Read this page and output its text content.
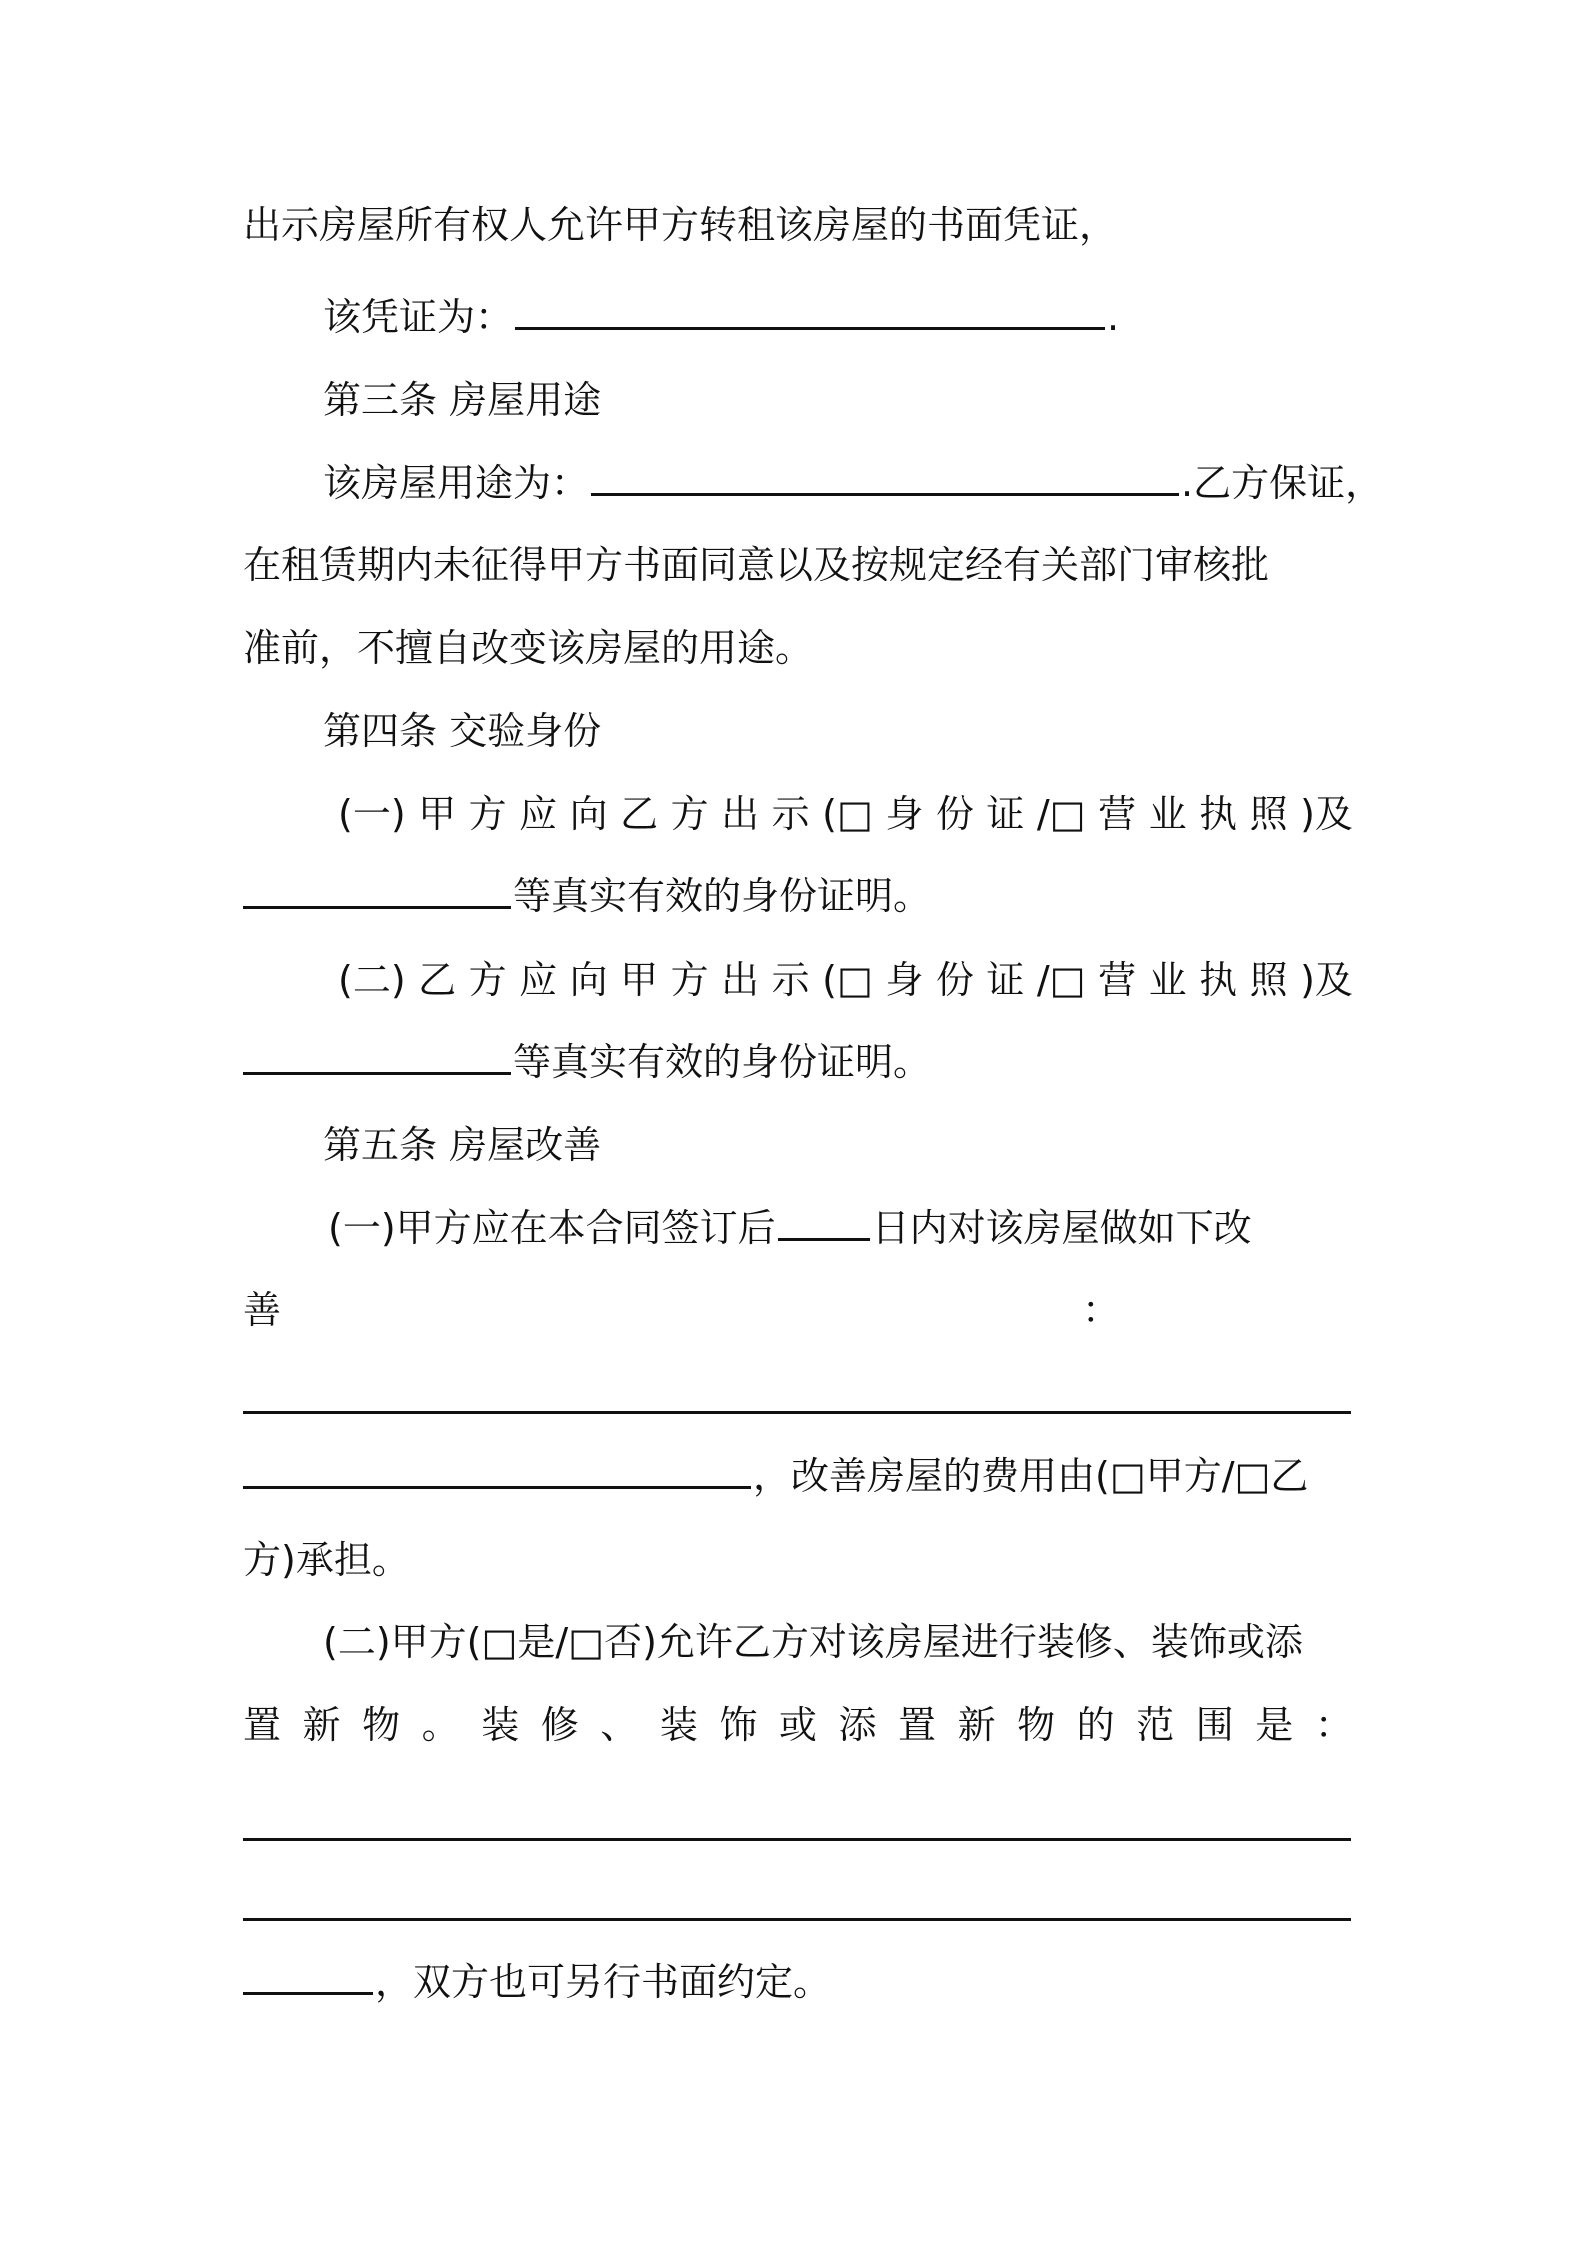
出示房屋所有权人允许甲方转租该房屋的书面凭证，
该凭证为：	.
第三条 房屋用途
该房屋用途为：	.乙方保证，
在租赁期内未征得甲方书面同意以及按规定经有关部门审核批
准前，不擅自改变该房屋的用途。
第四条 交验身份
(一) 甲 方 应 向 乙 方 出 示 (□ 身 份 证 /□ 营 业 执 照 )及
等真实有效的身份证明。
(二) 乙 方 应 向 甲 方 出 示 (□ 身 份 证 /□ 营 业 执 照 )及
等真实有效的身份证明。
第五条 房屋改善
(一)甲方应在本合同签订后	日内对该房屋做如下改
善	：
，改善房屋的费用由(□甲方/□乙
方)承担。
(二)甲方(□是/□否)允许乙方对该房屋进行装修、装饰或添
置 新 物 。 装 修 、 装 饰 或 添 置 新 物 的 范 围 是 ：
，双方也可另行书面约定。
